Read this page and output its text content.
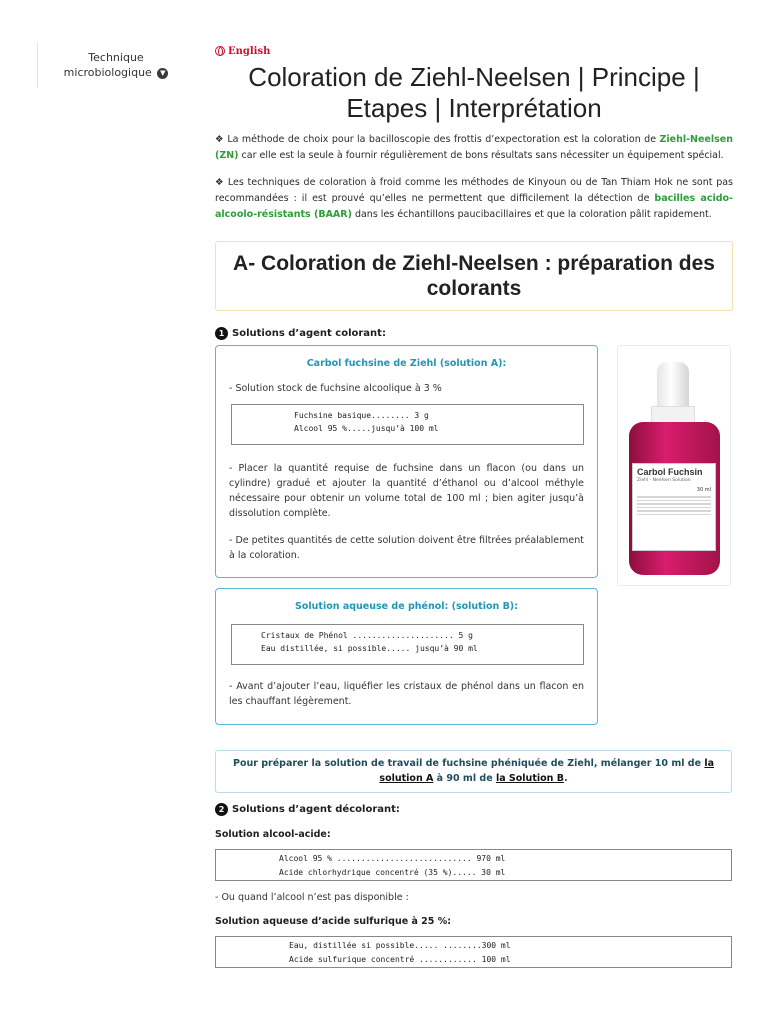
Technique
microbiologique ▼
English
Coloration de Ziehl-Neelsen | Principe | Etapes | Interprétation

❖ La méthode de choix pour la bacilloscopie des frottis d’expectoration est la coloration de Ziehl-Neelsen (ZN) car elle est la seule à fournir régulièrement de bons résultats sans nécessiter un équipement spécial.

❖ Les techniques de coloration à froid comme les méthodes de Kinyoun ou de Tan Thiam Hok ne sont pas recommandées : il est prouvé qu’elles ne permettent que difficilement la détection de bacilles acido-alcoolo-résistants (BAAR) dans les échantillons paucibacillaires et que la coloration pâlit rapidement.

A- Coloration de Ziehl-Neelsen : préparation des colorants
1 Solutions d’agent colorant:
Carbol fuchsine de Ziehl (solution A):
- Solution stock de fuchsine alcoolique à 3 %
Fuchsine basique........ 3 g
Alcool 95 %.....jusqu’à 100 ml
- Placer la quantité requise de fuchsine dans un flacon (ou dans un cylindre) gradué et ajouter la quantité d’éthanol ou d’alcool méthyle nécessaire pour obtenir un volume total de 100 ml ; bien agiter jusqu’à dissolution complète.
- De petites quantités de cette solution doivent être filtrées préalablement à la coloration.
Carbol Fuchsin
Ziehl - Neelsen Solution
30 ml
Solution aqueuse de phénol: (solution B):
Cristaux de Phénol ..................... 5 g
Eau distillée, si possible..... jusqu’à 90 ml
- Avant d’ajouter l’eau, liquéfier les cristaux de phénol dans un flacon en les chauffant légèrement.
Pour préparer la solution de travail de fuchsine phéniquée de Ziehl, mélanger 10 ml de la solution A à 90 ml de la Solution B.
2 Solutions d’agent décolorant:
Solution alcool-acide:
Alcool 95 % ............................ 970 ml
Acide chlorhydrique concentré (35 %)..... 30 ml
- Ou quand l’alcool n’est pas disponible :
Solution aqueuse d’acide sulfurique à 25 %:
Eau, distillée si possible..... ........300 ml
Acide sulfurique concentré ............ 100 ml
